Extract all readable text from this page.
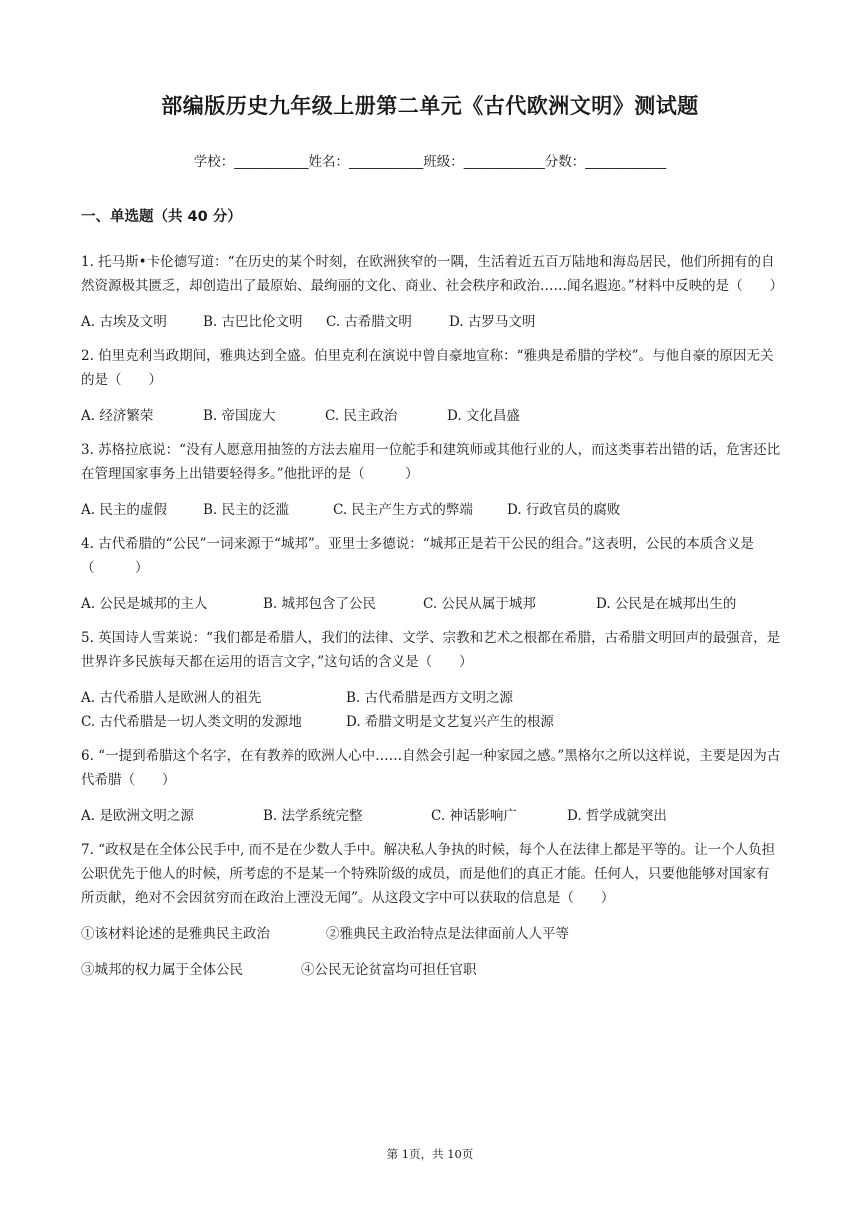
部编版历史九年级上册第二单元《古代欧洲文明》测试题
学校：___________姓名：___________班级：____________分数：____________
一、单选题（共 40 分）

1. 托马斯•卡伦德写道：“在历史的某个时刻，在欧洲狭窄的一隅，生活着近五百万陆地和海岛居民，他们所拥有的自然资源极其匮乏，却创造出了最原始、最绚丽的文化、商业、社会秩序和政治……闻名遐迩。”材料中反映的是（　　）

A. 古埃及文明	B. 古巴比伦文明	C. 古希腊文明	D. 古罗马文明

2. 伯里克利当政期间，雅典达到全盛。伯里克利在演说中曾自豪地宣称：“雅典是希腊的学校”。与他自豪的原因无关的是（　　）

A. 经济繁荣	B. 帝国庞大	C. 民主政治	D. 文化昌盛

3. 苏格拉底说：“没有人愿意用抽签的方法去雇用一位舵手和建筑师或其他行业的人，而这类事若出错的话，危害还比在管理国家事务上出错要轻得多。”他批评的是（　　　）

A. 民主的虚假	B. 民主的泛滥	C. 民主产生方式的弊端	D. 行政官员的腐败

4. 古代希腊的“公民”一词来源于“城邦”。亚里士多德说：“城邦正是若干公民的组合。”这表明，公民的本质含义是（　　　）

A. 公民是城邦的主人	B. 城邦包含了公民	C. 公民从属于城邦	D. 公民是在城邦出生的

5. 英国诗人雪莱说：“我们都是希腊人，我们的法律、文学、宗教和艺术之根都在希腊，古希腊文明回声的最强音，是世界许多民族每天都在运用的语言文字，”这句话的含义是（　　）

A. 古代希腊人是欧洲人的祖先	B. 古代希腊是西方文明之源
C. 古代希腊是一切人类文明的发源地	D. 希腊文明是文艺复兴产生的根源

6. “一提到希腊这个名字，在有教养的欧洲人心中……自然会引起一种家园之感。”黑格尔之所以这样说，主要是因为古代希腊（　　）

A. 是欧洲文明之源	B. 法学系统完整	C. 神话影响广	D. 哲学成就突出

7. “政权是在全体公民手中, 而不是在少数人手中。解决私人争执的时候，每个人在法律上都是平等的。让一个人负担公职优先于他人的时候，所考虑的不是某一个特殊阶级的成员，而是他们的真正才能。任何人，只要他能够对国家有所贡献，绝对不会因贫穷而在政治上湮没无闻”。从这段文字中可以获取的信息是（　　）

①该材料论述的是雅典民主政治	②雅典民主政治特点是法律面前人人平等
③城邦的权力属于全体公民	④公民无论贫富均可担任官职
第 1页，共 10页
